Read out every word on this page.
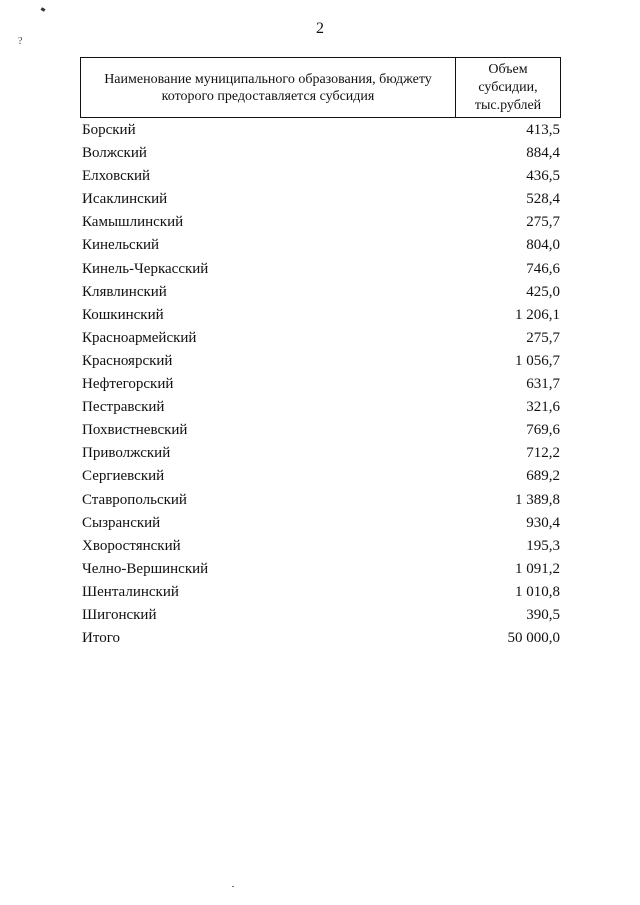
?
2
Наименование муниципального образования, бюджету которого предоставляется субсидия
Объем субсидии, тыс.рублей
Борский	413,5
Волжский	884,4
Елховский	436,5
Исаклинский	528,4
Камышлинский	275,7
Кинельский	804,0
Кинель-Черкасский	746,6
Клявлинский	425,0
Кошкинский	1 206,1
Красноармейский	275,7
Красноярский	1 056,7
Нефтегорский	631,7
Пестравский	321,6
Похвистневский	769,6
Приволжский	712,2
Сергиевский	689,2
Ставропольский	1 389,8
Сызранский	930,4
Хворостянский	195,3
Челно-Вершинский	1 091,2
Шенталинский	1 010,8
Шигонский	390,5
Итого	50 000,0
